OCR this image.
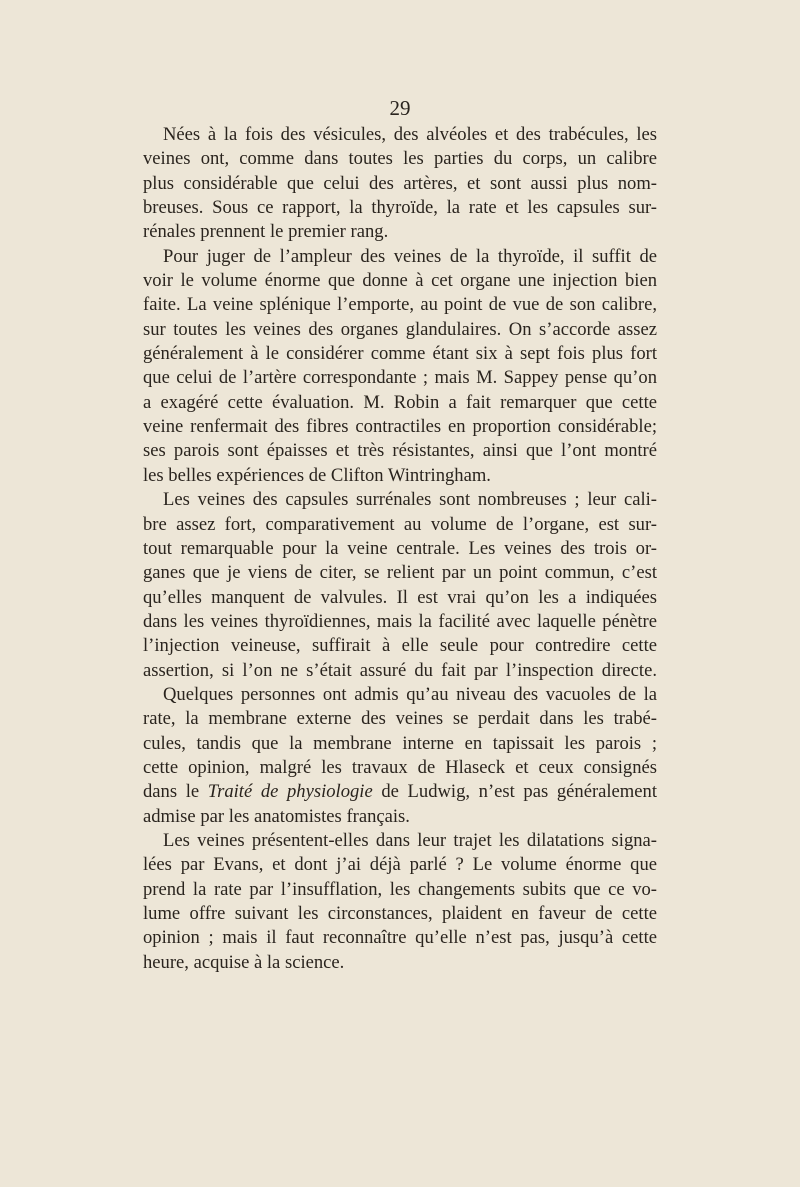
29
Nées à la fois des vésicules, des alvéoles et des trabécules, les
veines ont, comme dans toutes les parties du corps, un calibre
plus considérable que celui des artères, et sont aussi plus nom-
breuses. Sous ce rapport, la thyroïde, la rate et les capsules sur-
rénales prennent le premier rang.
Pour juger de l’ampleur des veines de la thyroïde, il suffit de
voir le volume énorme que donne à cet organe une injection bien
faite. La veine splénique l’emporte, au point de vue de son calibre,
sur toutes les veines des organes glandulaires. On s’accorde assez
généralement à le considérer comme étant six à sept fois plus fort
que celui de l’artère correspondante ; mais M. Sappey pense qu’on
a exagéré cette évaluation. M. Robin a fait remarquer que cette
veine renfermait des fibres contractiles en proportion considérable;
ses parois sont épaisses et très résistantes, ainsi que l’ont montré
les belles expériences de Clifton Wintringham.
Les veines des capsules surrénales sont nombreuses ; leur cali-
bre assez fort, comparativement au volume de l’organe, est sur-
tout remarquable pour la veine centrale. Les veines des trois or-
ganes que je viens de citer, se relient par un point commun, c’est
qu’elles manquent de valvules. Il est vrai qu’on les a indiquées
dans les veines thyroïdiennes, mais la facilité avec laquelle pénètre
l’injection veineuse, suffirait à elle seule pour contredire cette
assertion, si l’on ne s’était assuré du fait par l’inspection directe.
Quelques personnes ont admis qu’au niveau des vacuoles de la
rate, la membrane externe des veines se perdait dans les trabé-
cules, tandis que la membrane interne en tapissait les parois ;
cette opinion, malgré les travaux de Hlaseck et ceux consignés
dans le Traité de physiologie de Ludwig, n’est pas généralement
admise par les anatomistes français.
Les veines présentent-elles dans leur trajet les dilatations signa-
lées par Evans, et dont j’ai déjà parlé ? Le volume énorme que
prend la rate par l’insufflation, les changements subits que ce vo-
lume offre suivant les circonstances, plaident en faveur de cette
opinion ; mais il faut reconnaître qu’elle n’est pas, jusqu’à cette
heure, acquise à la science.
